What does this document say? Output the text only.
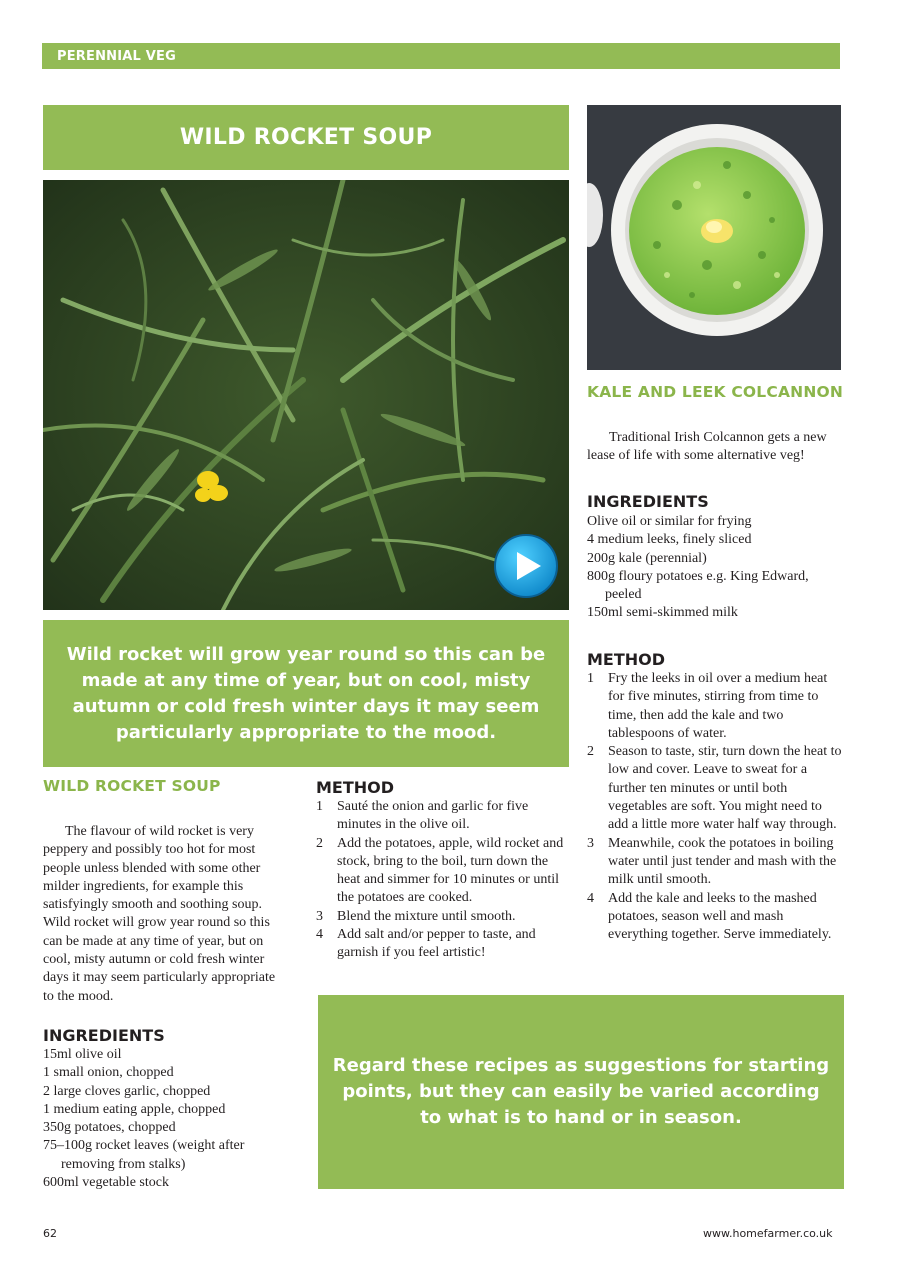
PERENNIAL VEG
WILD ROCKET SOUP

Wild rocket will grow year round so this can be made at any time of year, but on cool, misty autumn or cold fresh winter days it may seem particularly appropriate to the mood.

KALE AND LEEK COLCANNON

Traditional Irish Colcannon gets a new lease of life with some alternative veg!

INGREDIENTS
Olive oil or similar for frying
4 medium leeks, finely sliced
200g kale (perennial)
800g floury potatoes e.g. King Edward, peeled
150ml semi-skimmed milk
METHOD
1 Fry the leeks in oil over a medium heat for five minutes, stirring from time to time, then add the kale and two tablespoons of water.
2 Season to taste, stir, turn down the heat to low and cover. Leave to sweat for a further ten minutes or until both vegetables are soft. You might need to add a little more water half way through.
3 Meanwhile, cook the potatoes in boiling water until just tender and mash with the milk until smooth.
4 Add the kale and leeks to the mashed potatoes, season well and mash everything together. Serve immediately.
WILD ROCKET SOUP

The flavour of wild rocket is very peppery and possibly too hot for most people unless blended with some other milder ingredients, for example this satisfyingly smooth and soothing soup. Wild rocket will grow year round so this can be made at any time of year, but on cool, misty autumn or cold fresh winter days it may seem particularly appropriate to the mood.

INGREDIENTS
15ml olive oil
1 small onion, chopped
2 large cloves garlic, chopped
1 medium eating apple, chopped
350g potatoes, chopped
75–100g rocket leaves (weight after removing from stalks)
600ml vegetable stock
METHOD
1 Sauté the onion and garlic for five minutes in the olive oil.
2 Add the potatoes, apple, wild rocket and stock, bring to the boil, turn down the heat and simmer for 10 minutes or until the potatoes are cooked.
3 Blend the mixture until smooth.
4 Add salt and/or pepper to taste, and garnish if you feel artistic!

Regard these recipes as suggestions for starting points, but they can easily be varied according to what is to hand or in season.

62	www.homefarmer.co.uk
